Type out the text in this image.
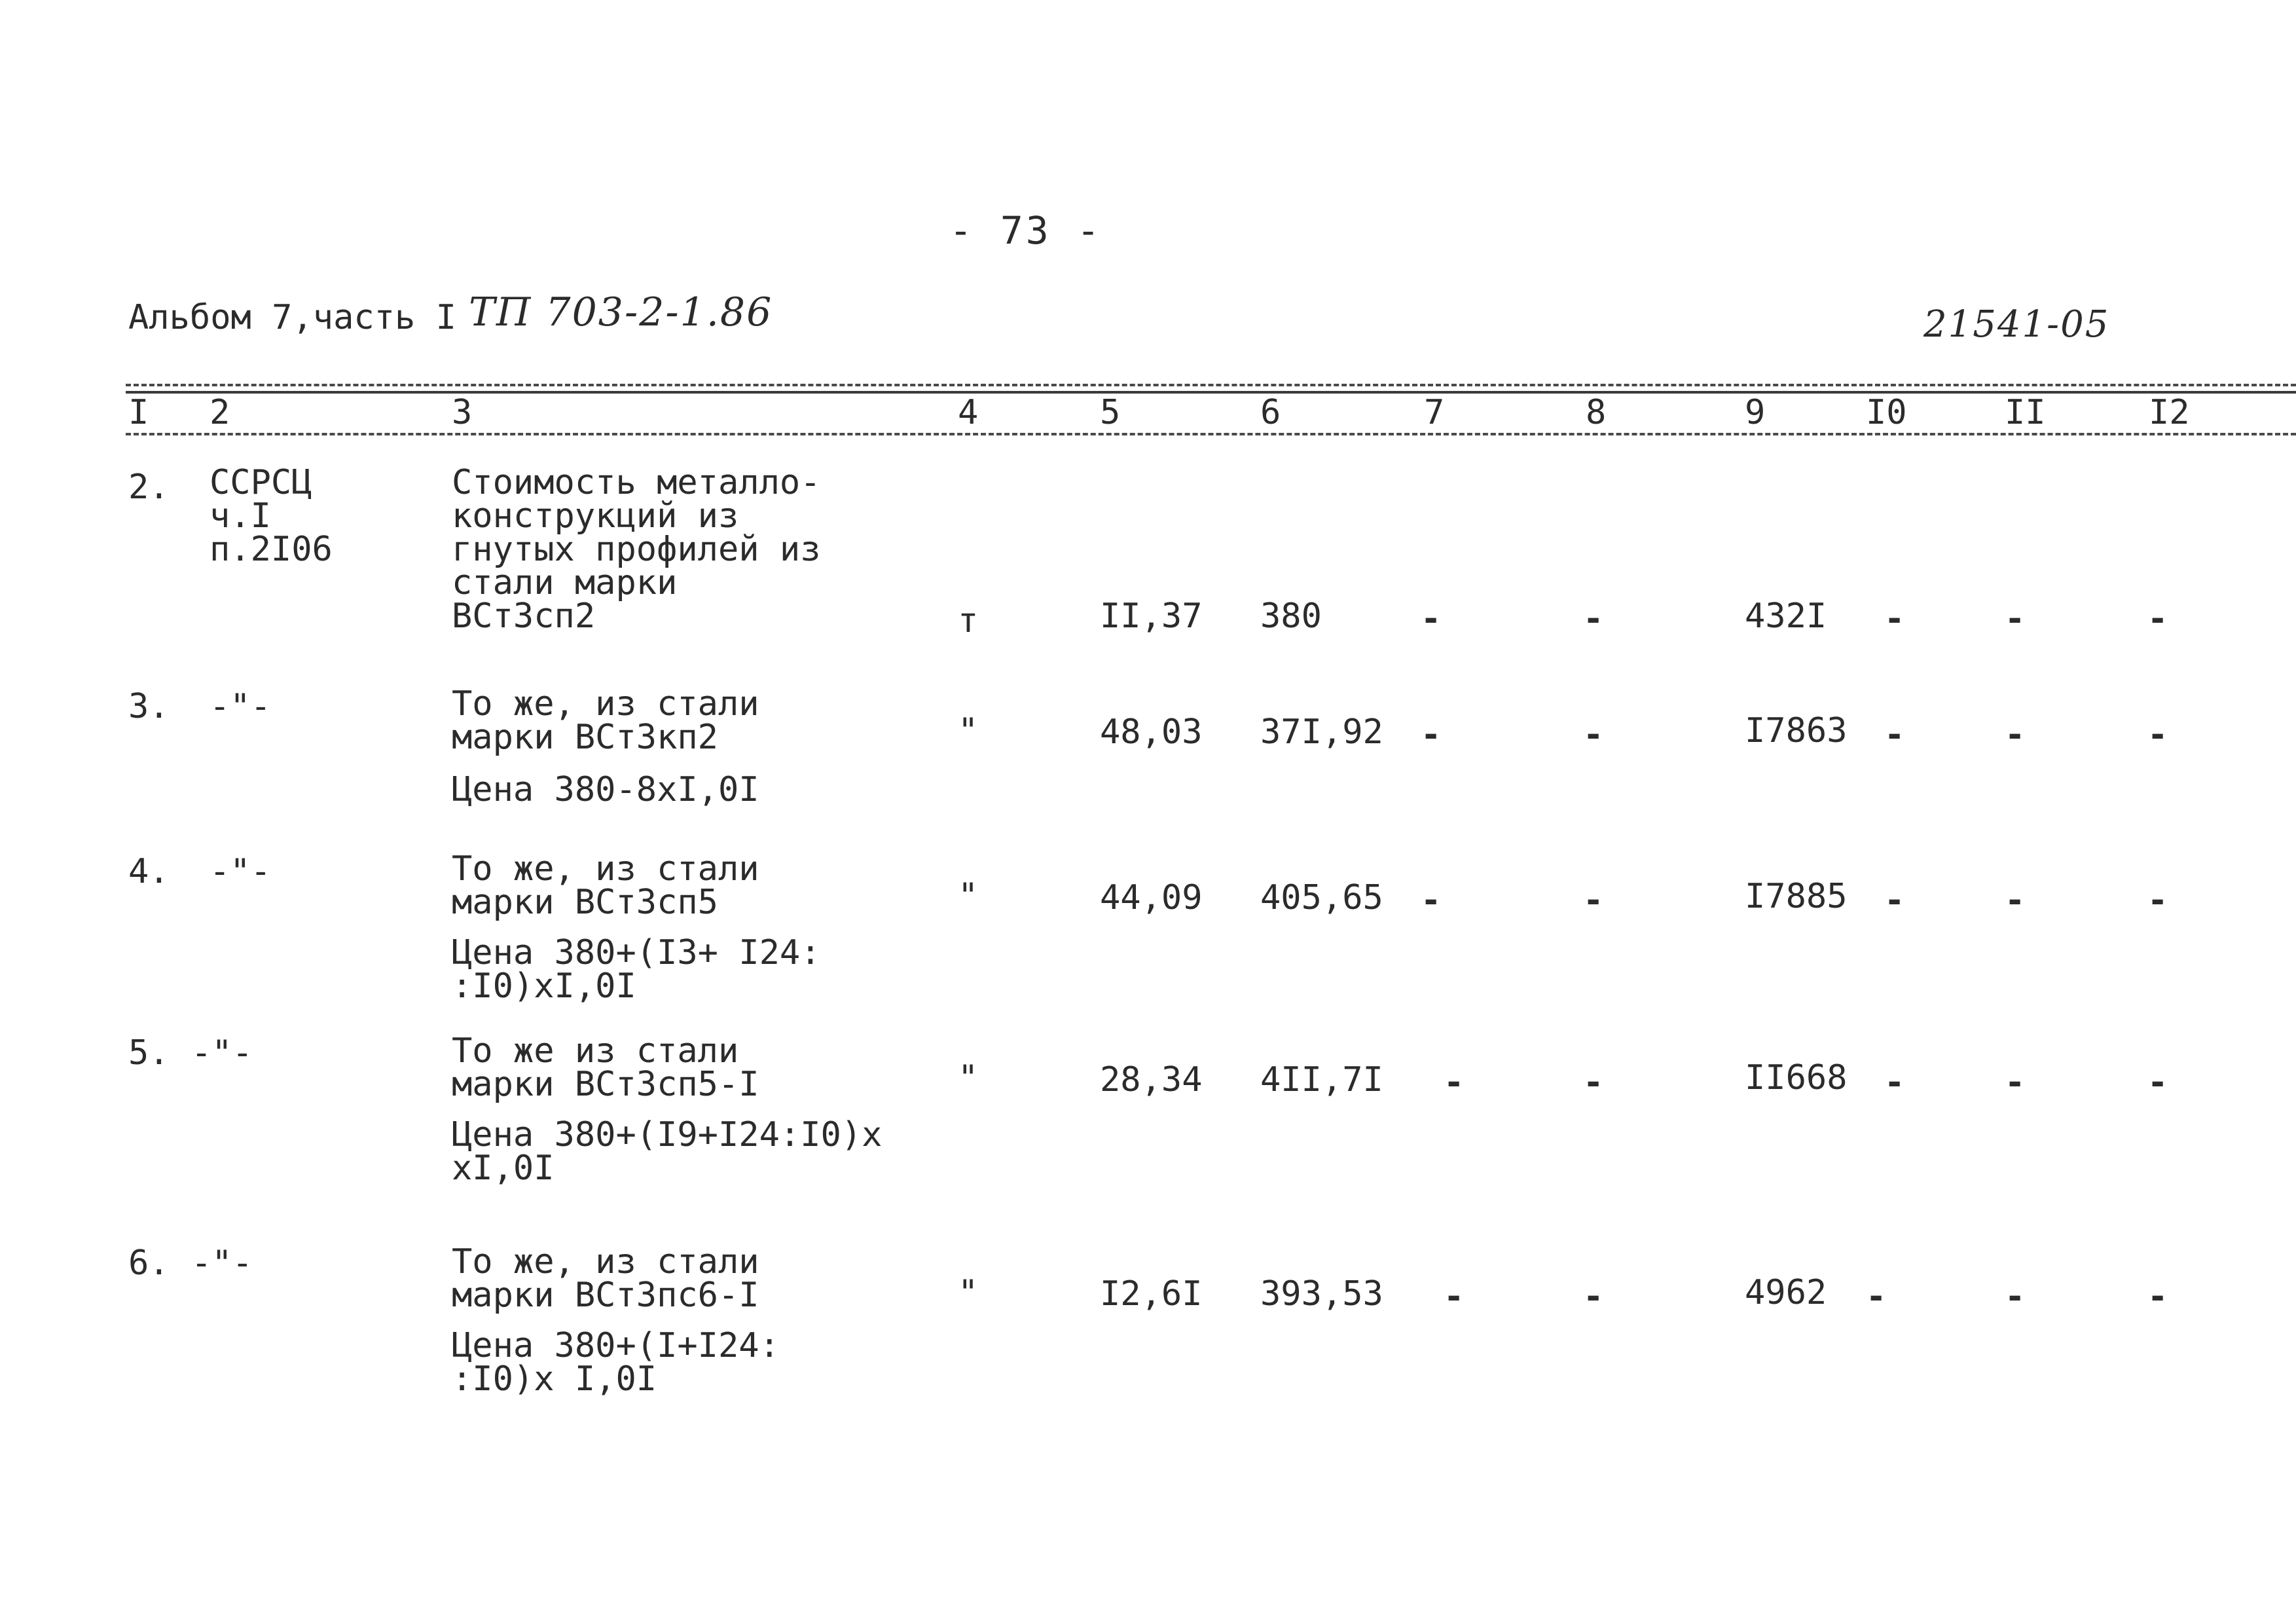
- 73 -
Альбом 7,часть I ТП 703-2-1.86	21541-05
I 2	3	4	5	6	7	8	9	I0	II	I2
2. ССРСЦ
ч.I
п.2I06
Стоимость металло-
конструкций из
гнутых профилей из
стали марки
ВСт3сп2	т	II,37 380	-	-	432I -	-	-
3. -"-	То же, из стали
марки ВСт3кп2
Цена 380-8хI,0I
"	48,03 37I,92 -	-	I7863 -	-	-
4. -"-	То же, из стали
марки ВСт3сп5
Цена 380+(I3+ I24:
:I0)хI,0I
"	44,09 405,65 -	-	I7885 -	-	-
5. -"-	То же из стали
марки ВСт3сп5-I
Цена 380+(I9+I24:I0)х
хI,0I
"	28,34 4II,7I -	-	II668 -	-	-
6. -"-	То же, из стали
марки ВСт3пс6-I
Цена 380+(I+I24:
:I0)х I,0I
"	I2,6I 393,53 -	-	4962 -	-	-
